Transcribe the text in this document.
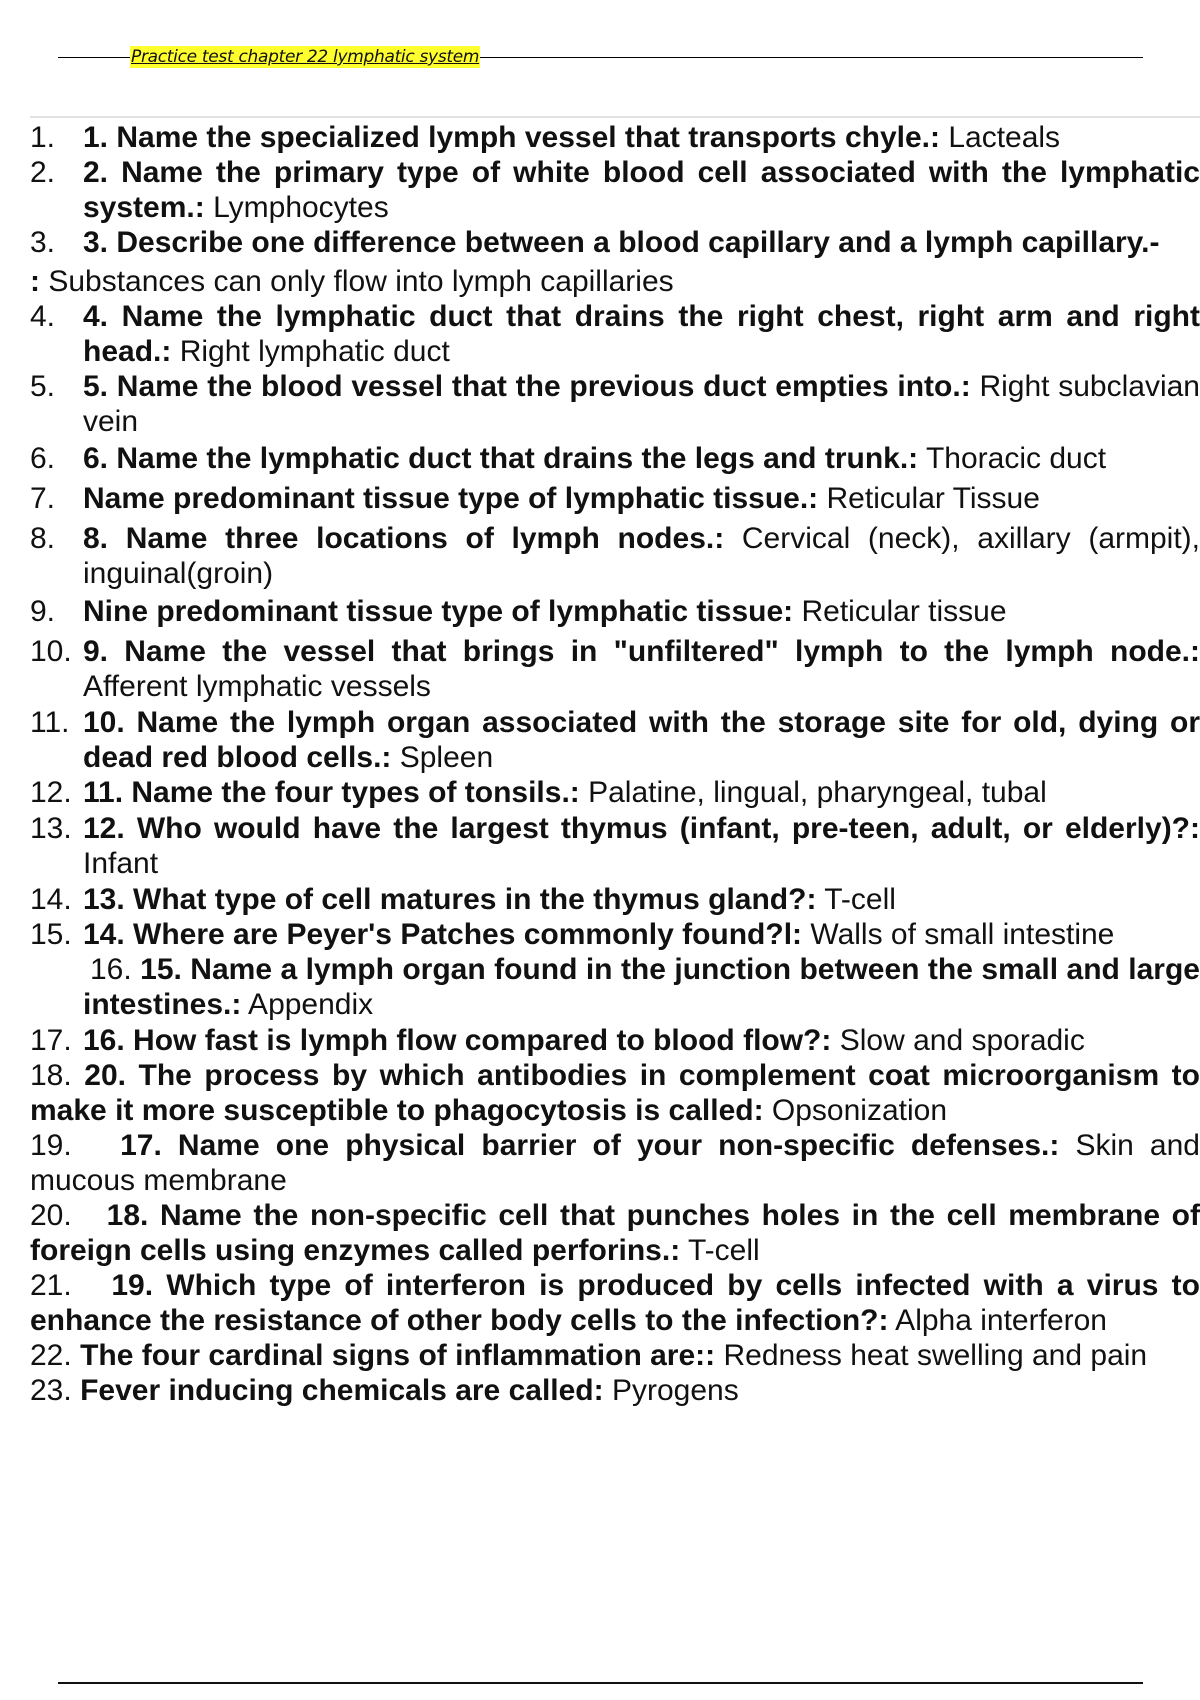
Practice test chapter 22 lymphatic system
1. 1. Name the specialized lymph vessel that transports chyle.: Lacteals
2. 2. Name the primary type of white blood cell associated with the lymphatic system.: Lymphocytes
3. 3. Describe one difference between a blood capillary and a lymph capillary.-
: Substances can only flow into lymph capillaries
4. 4. Name the lymphatic duct that drains the right chest, right arm and right head.: Right lymphatic duct
5. 5. Name the blood vessel that the previous duct empties into.: Right subclavian vein
6. 6. Name the lymphatic duct that drains the legs and trunk.: Thoracic duct
7. Name predominant tissue type of lymphatic tissue.: Reticular Tissue
8. 8. Name three locations of lymph nodes.: Cervical (neck), axillary (armpit), inguinal(groin)
9. Nine predominant tissue type of lymphatic tissue: Reticular tissue
10. 9. Name the vessel that brings in "unfiltered" lymph to the lymph node.: Afferent lymphatic vessels
11. 10. Name the lymph organ associated with the storage site for old, dying or dead red blood cells.: Spleen
12. 11. Name the four types of tonsils.: Palatine, lingual, pharyngeal, tubal
13. 12. Who would have the largest thymus (infant, pre-teen, adult, or elderly)?: Infant
14. 13. What type of cell matures in the thymus gland?: T-cell
15. 14. Where are Peyer's Patches commonly found?l: Walls of small intestine
16. 15. Name a lymph organ found in the junction between the small and large intestines.: Appendix
17. 16. How fast is lymph flow compared to blood flow?: Slow and sporadic
18. 20. The process by which antibodies in complement coat microorganism to make it more susceptible to phagocytosis is called: Opsonization
19. 17. Name one physical barrier of your non-specific defenses.: Skin and mucous membrane
20. 18. Name the non-specific cell that punches holes in the cell membrane of foreign cells using enzymes called perforins.: T-cell
21. 19. Which type of interferon is produced by cells infected with a virus to enhance the resistance of other body cells to the infection?: Alpha interferon
22. The four cardinal signs of inflammation are:: Redness heat swelling and pain
23. Fever inducing chemicals are called: Pyrogens
